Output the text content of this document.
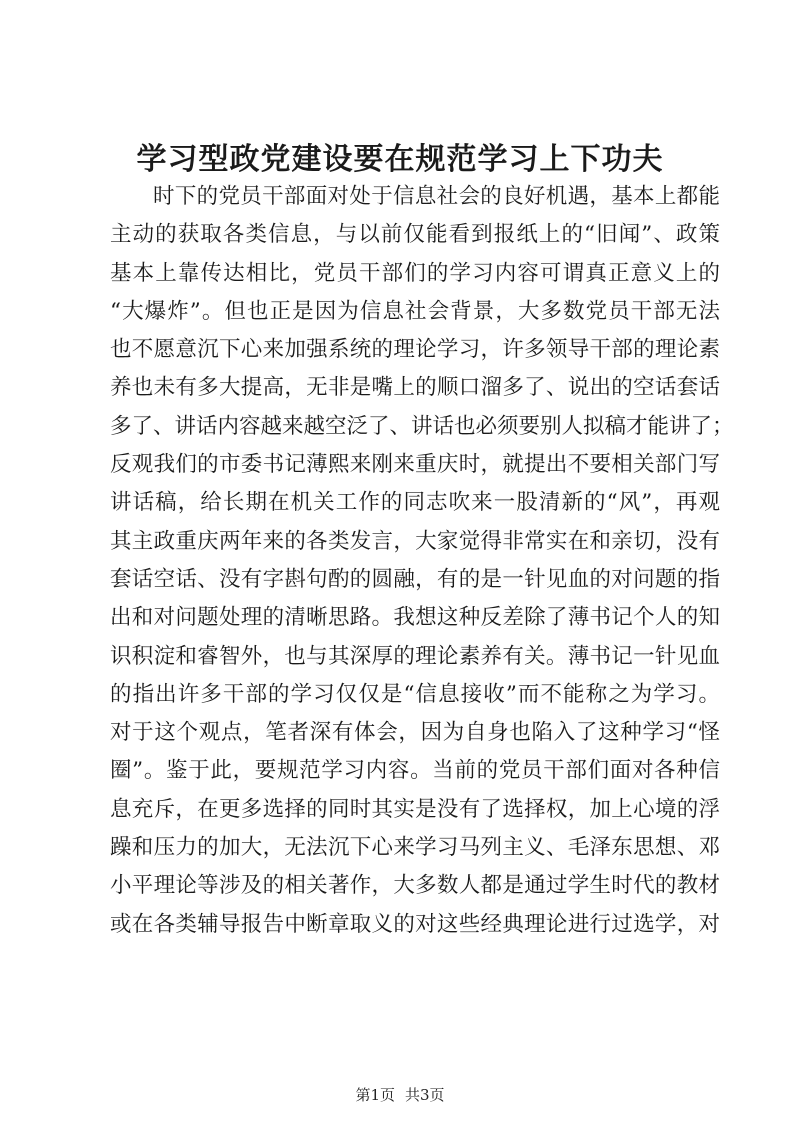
学习型政党建设要在规范学习上下功夫
时下的党员干部面对处于信息社会的良好机遇，基本上都能
主动的获取各类信息，与以前仅能看到报纸上的“旧闻”、政策
基本上靠传达相比，党员干部们的学习内容可谓真正意义上的
“大爆炸”。但也正是因为信息社会背景，大多数党员干部无法
也不愿意沉下心来加强系统的理论学习，许多领导干部的理论素
养也未有多大提高，无非是嘴上的顺口溜多了、说出的空话套话
多了、讲话内容越来越空泛了、讲话也必须要别人拟稿才能讲了；
反观我们的市委书记薄熙来刚来重庆时，就提出不要相关部门写
讲话稿，给长期在机关工作的同志吹来一股清新的“风”，再观
其主政重庆两年来的各类发言，大家觉得非常实在和亲切，没有
套话空话、没有字斟句酌的圆融，有的是一针见血的对问题的指
出和对问题处理的清晰思路。我想这种反差除了薄书记个人的知
识积淀和睿智外，也与其深厚的理论素养有关。薄书记一针见血
的指出许多干部的学习仅仅是“信息接收”而不能称之为学习。
对于这个观点，笔者深有体会，因为自身也陷入了这种学习“怪
圈”。鉴于此，要规范学习内容。当前的党员干部们面对各种信
息充斥，在更多选择的同时其实是没有了选择权，加上心境的浮
躁和压力的加大，无法沉下心来学习马列主义、毛泽东思想、邓
小平理论等涉及的相关著作，大多数人都是通过学生时代的教材
或在各类辅导报告中断章取义的对这些经典理论进行过选学，对
第1页 共3页
